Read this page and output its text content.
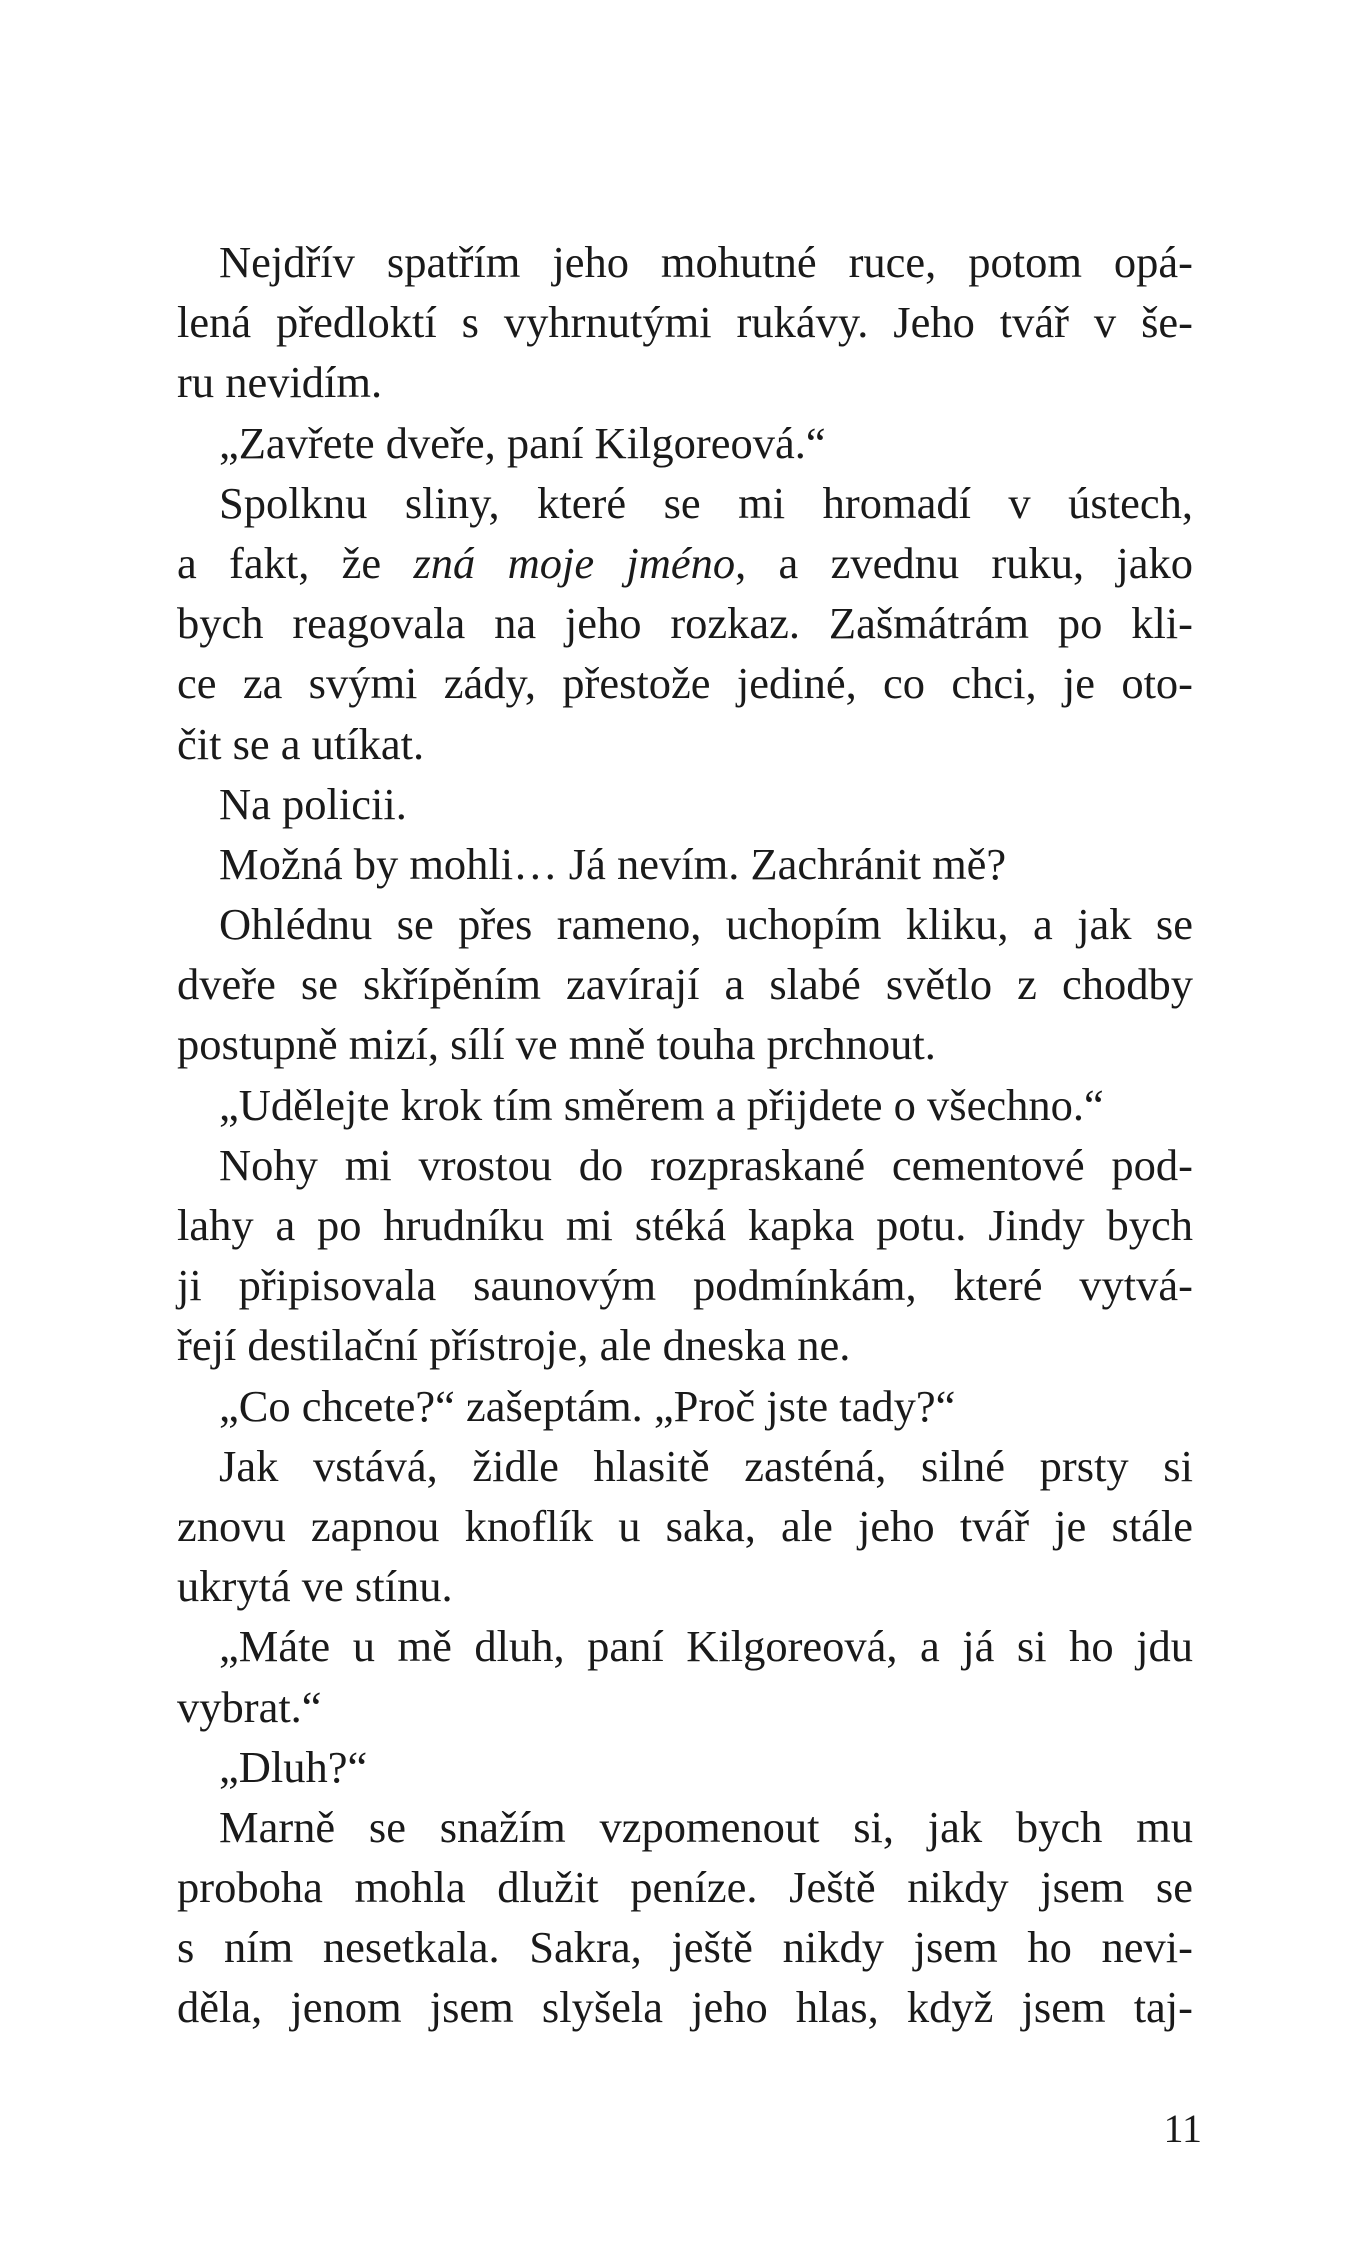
Nejdřív spatřím jeho mohutné ruce, potom opá-
lená předloktí s vyhrnutými rukávy. Jeho tvář v še-
ru nevidím.
„Zavřete dveře, paní Kilgoreová.“
Spolknu sliny, které se mi hromadí v ústech,
a fakt, že zná moje jméno, a zvednu ruku, jako
bych reagovala na jeho rozkaz. Zašmátrám po kli-
ce za svými zády, přestože jediné, co chci, je oto-
čit se a utíkat.
Na policii.
Možná by mohli… Já nevím. Zachránit mě?
Ohlédnu se přes rameno, uchopím kliku, a jak se
dveře se skřípěním zavírají a slabé světlo z chodby
postupně mizí, sílí ve mně touha prchnout.
„Udělejte krok tím směrem a přijdete o všechno.“
Nohy mi vrostou do rozpraskané cementové pod-
lahy a po hrudníku mi stéká kapka potu. Jindy bych
ji připisovala saunovým podmínkám, které vytvá-
řejí destilační přístroje, ale dneska ne.
„Co chcete?“ zašeptám. „Proč jste tady?“
Jak vstává, židle hlasitě zasténá, silné prsty si
znovu zapnou knoflík u saka, ale jeho tvář je stále
ukrytá ve stínu.
„Máte u mě dluh, paní Kilgoreová, a já si ho jdu
vybrat.“
„Dluh?“
Marně se snažím vzpomenout si, jak bych mu
proboha mohla dlužit peníze. Ještě nikdy jsem se
s ním nesetkala. Sakra, ještě nikdy jsem ho nevi-
děla, jenom jsem slyšela jeho hlas, když jsem taj-
11
